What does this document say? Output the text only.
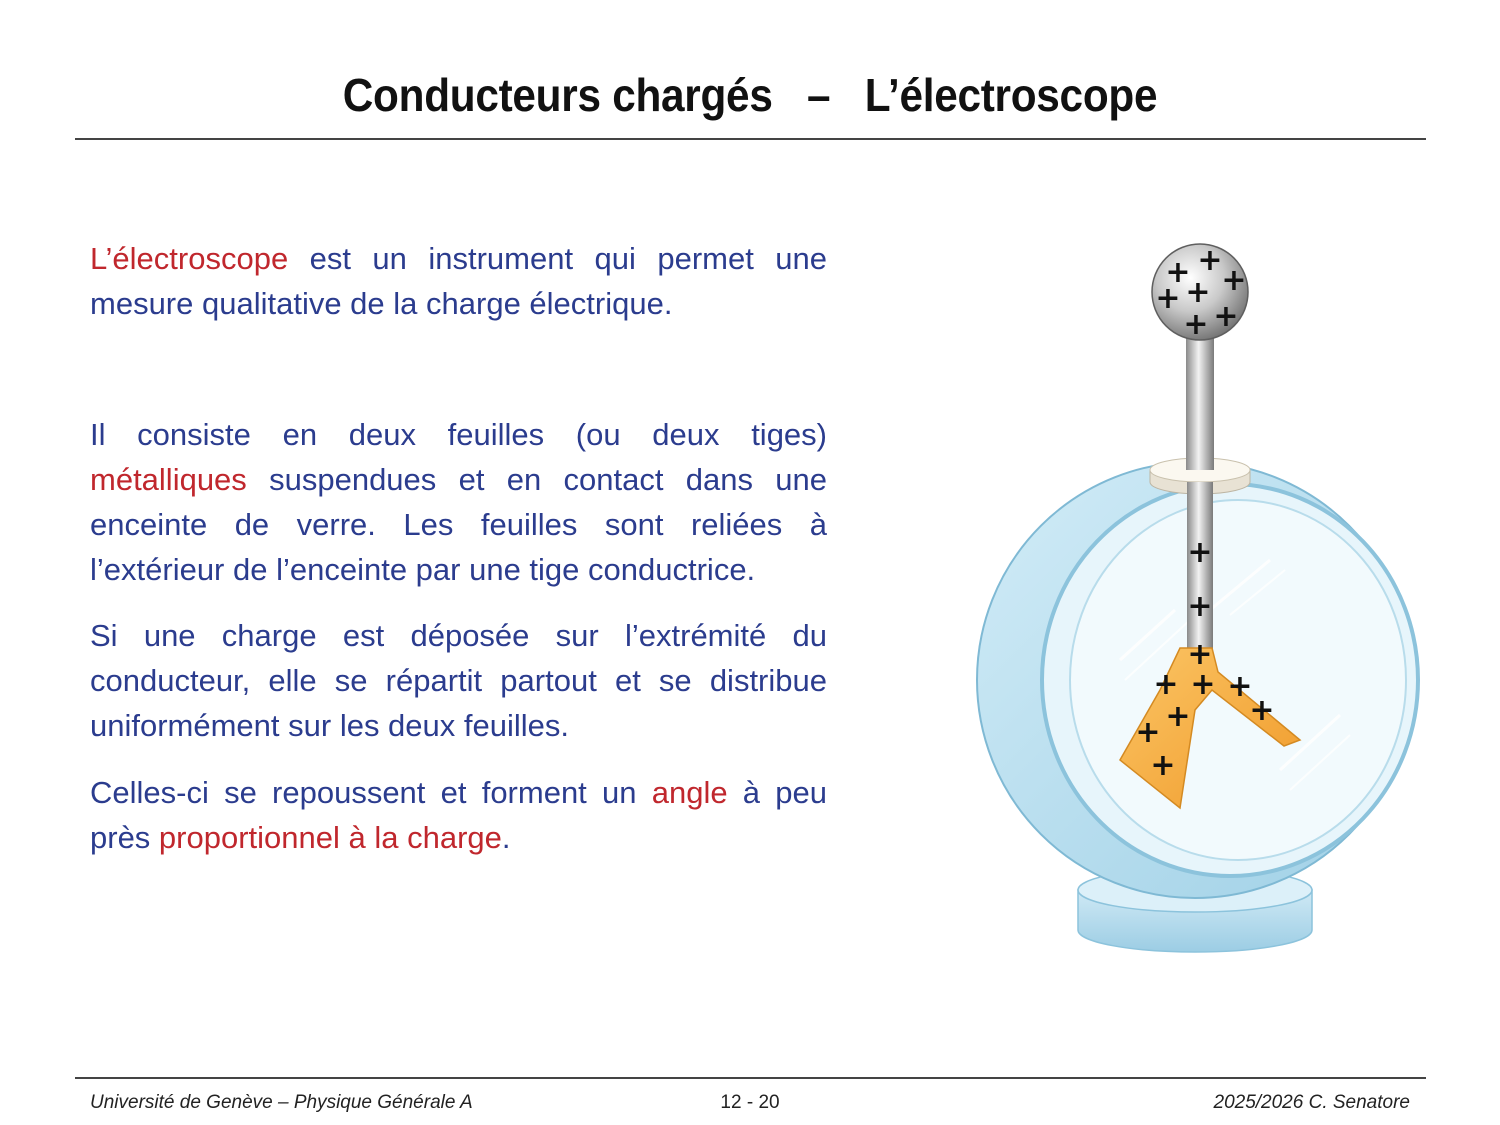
Conducteurs chargés   –   L’électroscope

L’électroscope est un instrument qui permet une mesure qualitative de la charge électrique.

Il consiste en deux feuilles (ou deux tiges) métalliques suspendues et en contact dans une enceinte de verre. Les feuilles sont reliées à l’extérieur de l’enceinte par une tige conductrice.

Si une charge est déposée sur l’extrémité du conducteur, elle se répartit partout et se distribue uniformément sur les deux feuilles.

Celles-ci se repoussent et forment un angle à peu près proportionnel à la charge.

+ +
+
+ +
+ +
+
+
+
+ + +
+
+
+
+
Université de Genève – Physique Générale A	12 - 20	2025/2026 C. Senatore
